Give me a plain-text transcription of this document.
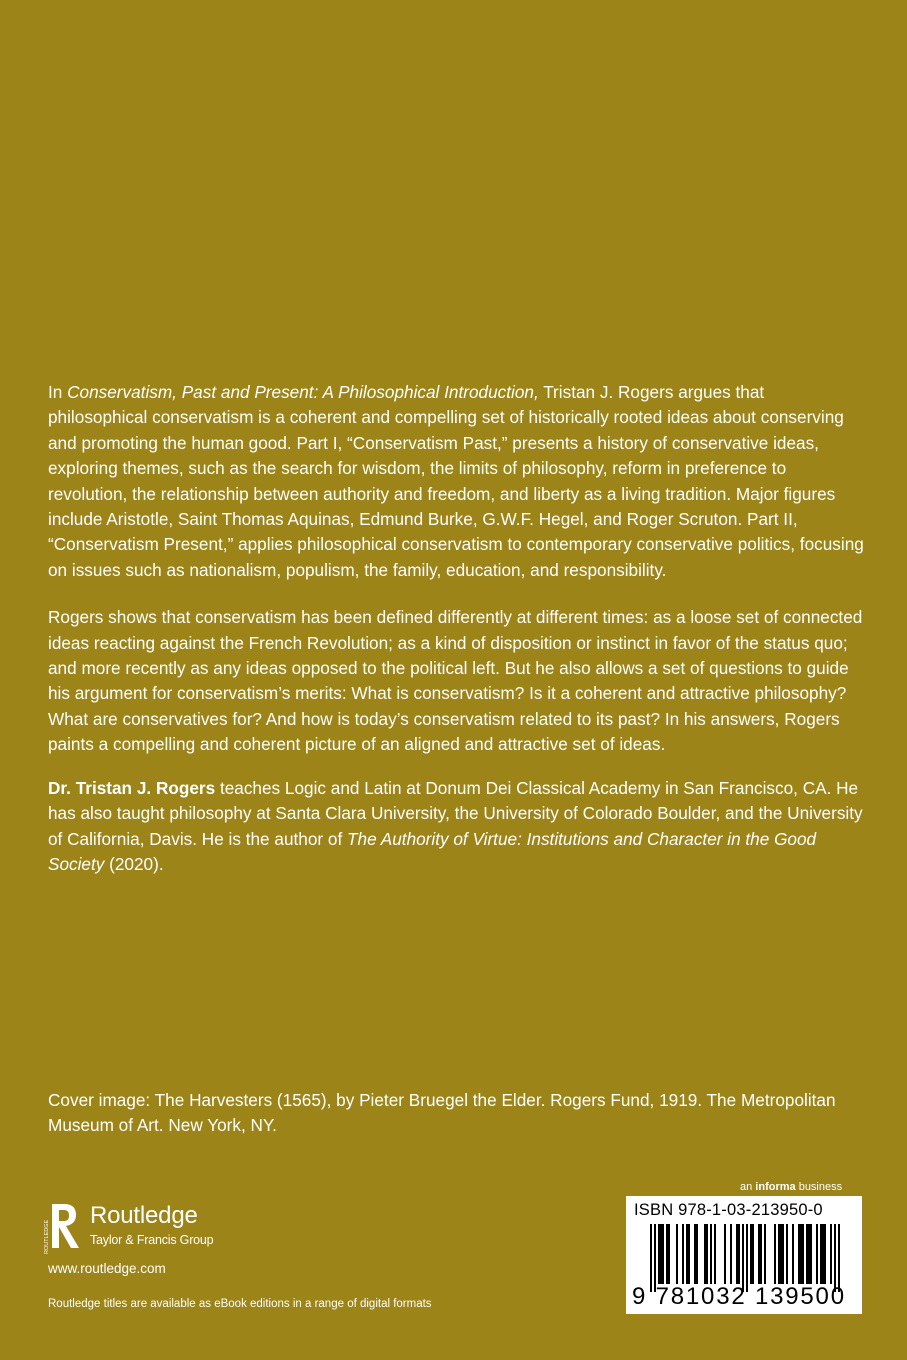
In Conservatism, Past and Present: A Philosophical Introduction, Tristan J. Rogers argues that philosophical conservatism is a coherent and compelling set of historically rooted ideas about conserving and promoting the human good. Part I, “Conservatism Past,” presents a history of conservative ideas, exploring themes, such as the search for wisdom, the limits of philosophy, reform in preference to revolution, the relationship between authority and freedom, and liberty as a living tradition. Major figures include Aristotle, Saint Thomas Aquinas, Edmund Burke, G.W.F. Hegel, and Roger Scruton. Part II, “Conservatism Present,” applies philosophical conservatism to contemporary conservative politics, focusing on issues such as nationalism, populism, the family, education, and responsibility.

Rogers shows that conservatism has been defined differently at different times: as a loose set of connected ideas reacting against the French Revolution; as a kind of disposition or instinct in favor of the status quo; and more recently as any ideas opposed to the political left. But he also allows a set of questions to guide his argument for conservatism’s merits: What is conservatism? Is it a coherent and attractive philosophy? What are conservatives for? And how is today’s conservatism related to its past? In his answers, Rogers paints a compelling and coherent picture of an aligned and attractive set of ideas.

Dr. Tristan J. Rogers teaches Logic and Latin at Donum Dei Classical Academy in San Francisco, CA. He has also taught philosophy at Santa Clara University, the University of Colorado Boulder, and the University of California, Davis. He is the author of The Authority of Virtue: Institutions and Character in the Good Society (2020).

Cover image: The Harvesters (1565), by Pieter Bruegel the Elder. Rogers Fund, 1919. The Metropolitan Museum of Art. New York, NY.
ROUTLEDGE
Routledge
Taylor & Francis Group
www.routledge.com
Routledge titles are available as eBook editions in a range of digital formats
an informa business
ISBN 978-1-03-213950-0
9 781032 139500
